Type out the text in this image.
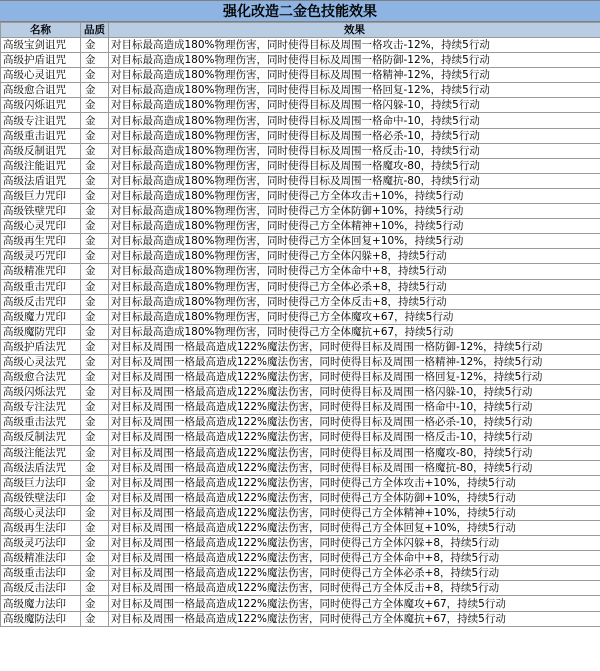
强化改造二金色技能效果
名称	品质	效果
高级宝剑诅咒	金	对目标最高造成180%物理伤害，同时使得目标及周围一格攻击-12%，持续5行动
高级护盾诅咒	金	对目标最高造成180%物理伤害，同时使得目标及周围一格防御-12%，持续5行动
高级心灵诅咒	金	对目标最高造成180%物理伤害，同时使得目标及周围一格精神-12%，持续5行动
高级愈合诅咒	金	对目标最高造成180%物理伤害，同时使得目标及周围一格回复-12%，持续5行动
高级闪烁诅咒	金	对目标最高造成180%物理伤害，同时使得目标及周围一格闪躲-10，持续5行动
高级专注诅咒	金	对目标最高造成180%物理伤害，同时使得目标及周围一格命中-10，持续5行动
高级重击诅咒	金	对目标最高造成180%物理伤害，同时使得目标及周围一格必杀-10，持续5行动
高级反制诅咒	金	对目标最高造成180%物理伤害，同时使得目标及周围一格反击-10，持续5行动
高级注能诅咒	金	对目标最高造成180%物理伤害，同时使得目标及周围一格魔攻-80，持续5行动
高级法盾诅咒	金	对目标最高造成180%物理伤害，同时使得目标及周围一格魔抗-80，持续5行动
高级巨力咒印	金	对目标最高造成180%物理伤害，同时使得己方全体攻击+10%，持续5行动
高级铁壁咒印	金	对目标最高造成180%物理伤害，同时使得己方全体防御+10%，持续5行动
高级心灵咒印	金	对目标最高造成180%物理伤害，同时使得己方全体精神+10%，持续5行动
高级再生咒印	金	对目标最高造成180%物理伤害，同时使得己方全体回复+10%，持续5行动
高级灵巧咒印	金	对目标最高造成180%物理伤害，同时使得己方全体闪躲+8，持续5行动
高级精准咒印	金	对目标最高造成180%物理伤害，同时使得己方全体命中+8，持续5行动
高级重击咒印	金	对目标最高造成180%物理伤害，同时使得己方全体必杀+8，持续5行动
高级反击咒印	金	对目标最高造成180%物理伤害，同时使得己方全体反击+8，持续5行动
高级魔力咒印	金	对目标最高造成180%物理伤害，同时使得己方全体魔攻+67，持续5行动
高级魔防咒印	金	对目标最高造成180%物理伤害，同时使得己方全体魔抗+67，持续5行动
高级护盾法咒	金	对目标及周围一格最高造成122%魔法伤害，同时使得目标及周围一格防御-12%，持续5行动
高级心灵法咒	金	对目标及周围一格最高造成122%魔法伤害，同时使得目标及周围一格精神-12%，持续5行动
高级愈合法咒	金	对目标及周围一格最高造成122%魔法伤害，同时使得目标及周围一格回复-12%，持续5行动
高级闪烁法咒	金	对目标及周围一格最高造成122%魔法伤害，同时使得目标及周围一格闪躲-10，持续5行动
高级专注法咒	金	对目标及周围一格最高造成122%魔法伤害，同时使得目标及周围一格命中-10，持续5行动
高级重击法咒	金	对目标及周围一格最高造成122%魔法伤害，同时使得目标及周围一格必杀-10，持续5行动
高级反制法咒	金	对目标及周围一格最高造成122%魔法伤害，同时使得目标及周围一格反击-10，持续5行动
高级注能法咒	金	对目标及周围一格最高造成122%魔法伤害，同时使得目标及周围一格魔攻-80，持续5行动
高级法盾法咒	金	对目标及周围一格最高造成122%魔法伤害，同时使得目标及周围一格魔抗-80，持续5行动
高级巨力法印	金	对目标及周围一格最高造成122%魔法伤害，同时使得己方全体攻击+10%，持续5行动
高级铁壁法印	金	对目标及周围一格最高造成122%魔法伤害，同时使得己方全体防御+10%，持续5行动
高级心灵法印	金	对目标及周围一格最高造成122%魔法伤害，同时使得己方全体精神+10%，持续5行动
高级再生法印	金	对目标及周围一格最高造成122%魔法伤害，同时使得己方全体回复+10%，持续5行动
高级灵巧法印	金	对目标及周围一格最高造成122%魔法伤害，同时使得己方全体闪躲+8，持续5行动
高级精准法印	金	对目标及周围一格最高造成122%魔法伤害，同时使得己方全体命中+8，持续5行动
高级重击法印	金	对目标及周围一格最高造成122%魔法伤害，同时使得己方全体必杀+8，持续5行动
高级反击法印	金	对目标及周围一格最高造成122%魔法伤害，同时使得己方全体反击+8，持续5行动
高级魔力法印	金	对目标及周围一格最高造成122%魔法伤害，同时使得己方全体魔攻+67，持续5行动
高级魔防法印	金	对目标及周围一格最高造成122%魔法伤害，同时使得己方全体魔抗+67，持续5行动
